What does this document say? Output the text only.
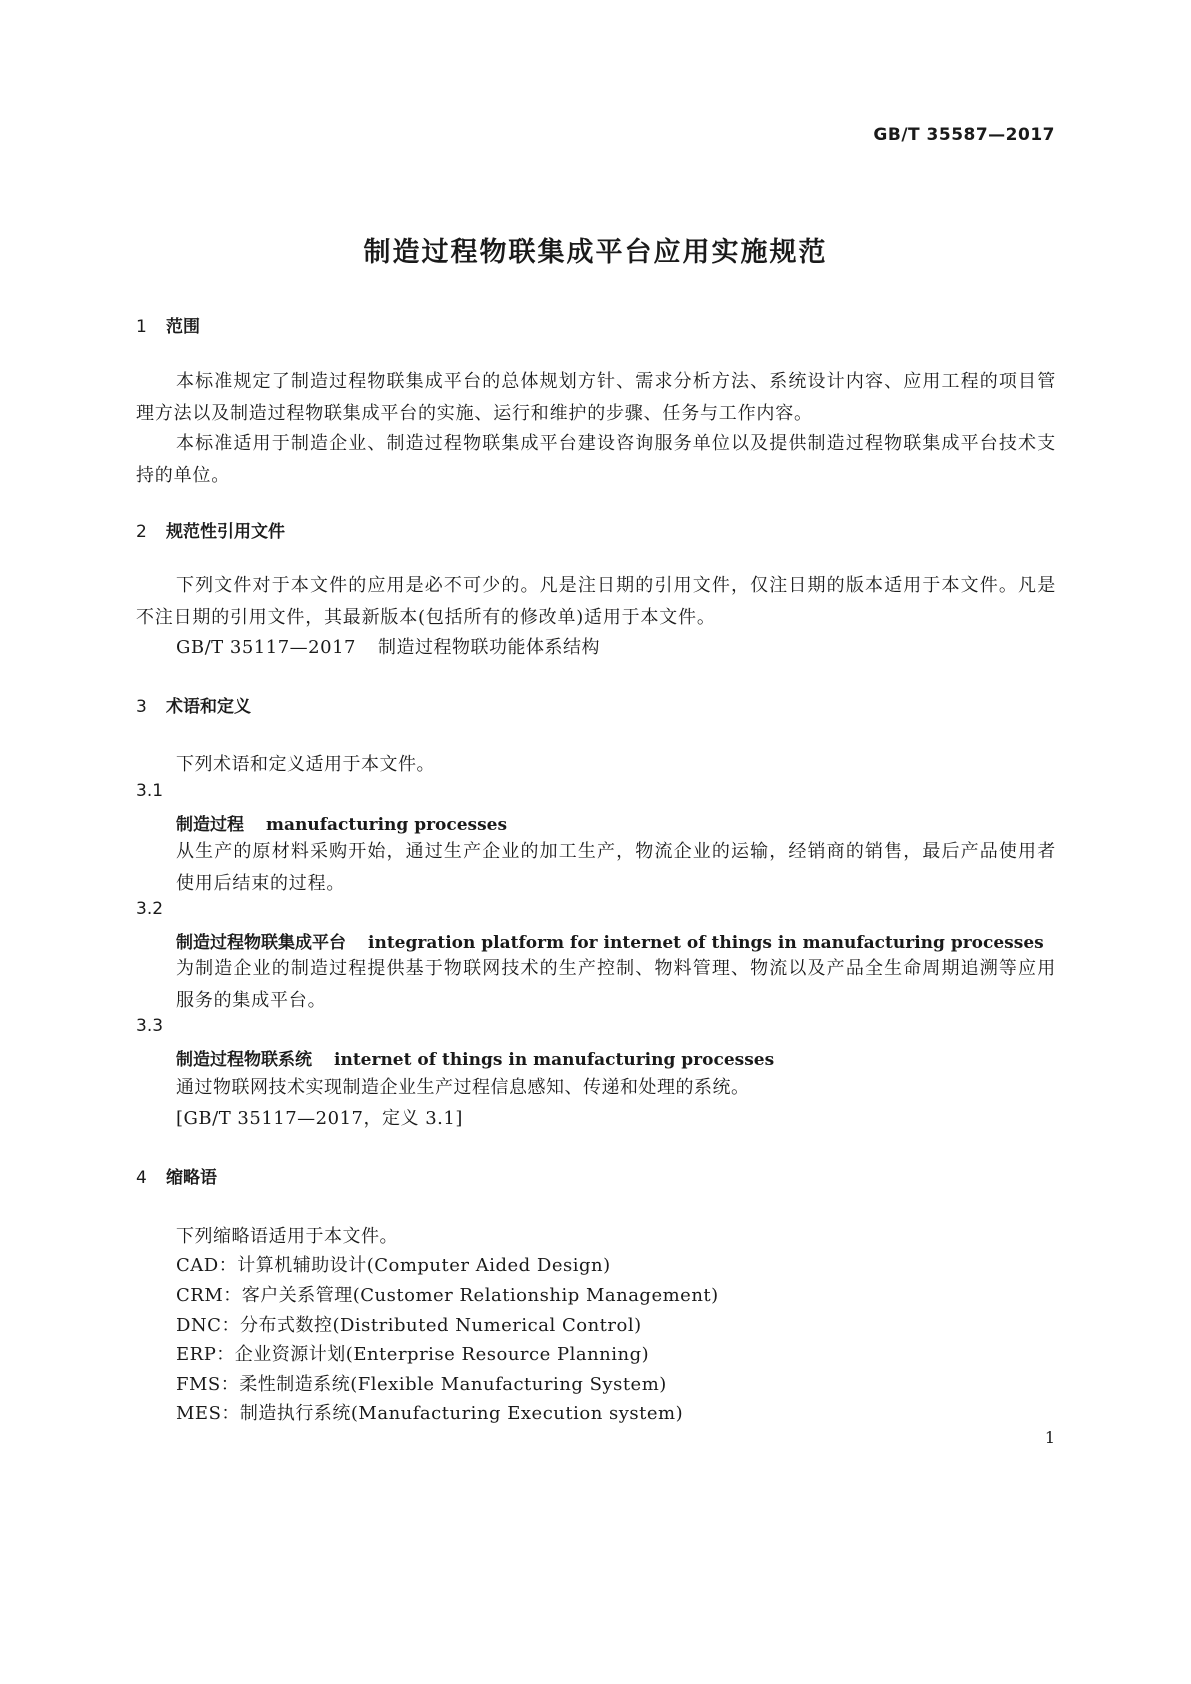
GB/T 35587—2017
制造过程物联集成平台应用实施规范
1 范围
本标准规定了制造过程物联集成平台的总体规划方针、需求分析方法、系统设计内容、应用工程的项目管理方法以及制造过程物联集成平台的实施、运行和维护的步骤、任务与工作内容。
本标准适用于制造企业、制造过程物联集成平台建设咨询服务单位以及提供制造过程物联集成平台技术支持的单位。
2 规范性引用文件
下列文件对于本文件的应用是必不可少的。凡是注日期的引用文件，仅注日期的版本适用于本文件。凡是不注日期的引用文件，其最新版本(包括所有的修改单)适用于本文件。
GB/T 35117—2017 制造过程物联功能体系结构
3 术语和定义
下列术语和定义适用于本文件。
3.1
制造过程 manufacturing processes
从生产的原材料采购开始，通过生产企业的加工生产，物流企业的运输，经销商的销售，最后产品使用者使用后结束的过程。
3.2
制造过程物联集成平台 integration platform for internet of things in manufacturing processes
为制造企业的制造过程提供基于物联网技术的生产控制、物料管理、物流以及产品全生命周期追溯等应用服务的集成平台。
3.3
制造过程物联系统 internet of things in manufacturing processes
通过物联网技术实现制造企业生产过程信息感知、传递和处理的系统。
[GB/T 35117—2017，定义 3.1]
4 缩略语
下列缩略语适用于本文件。
CAD：计算机辅助设计(Computer Aided Design)
CRM：客户关系管理(Customer Relationship Management)
DNC：分布式数控(Distributed Numerical Control)
ERP：企业资源计划(Enterprise Resource Planning)
FMS：柔性制造系统(Flexible Manufacturing System)
MES：制造执行系统(Manufacturing Execution system)
1
